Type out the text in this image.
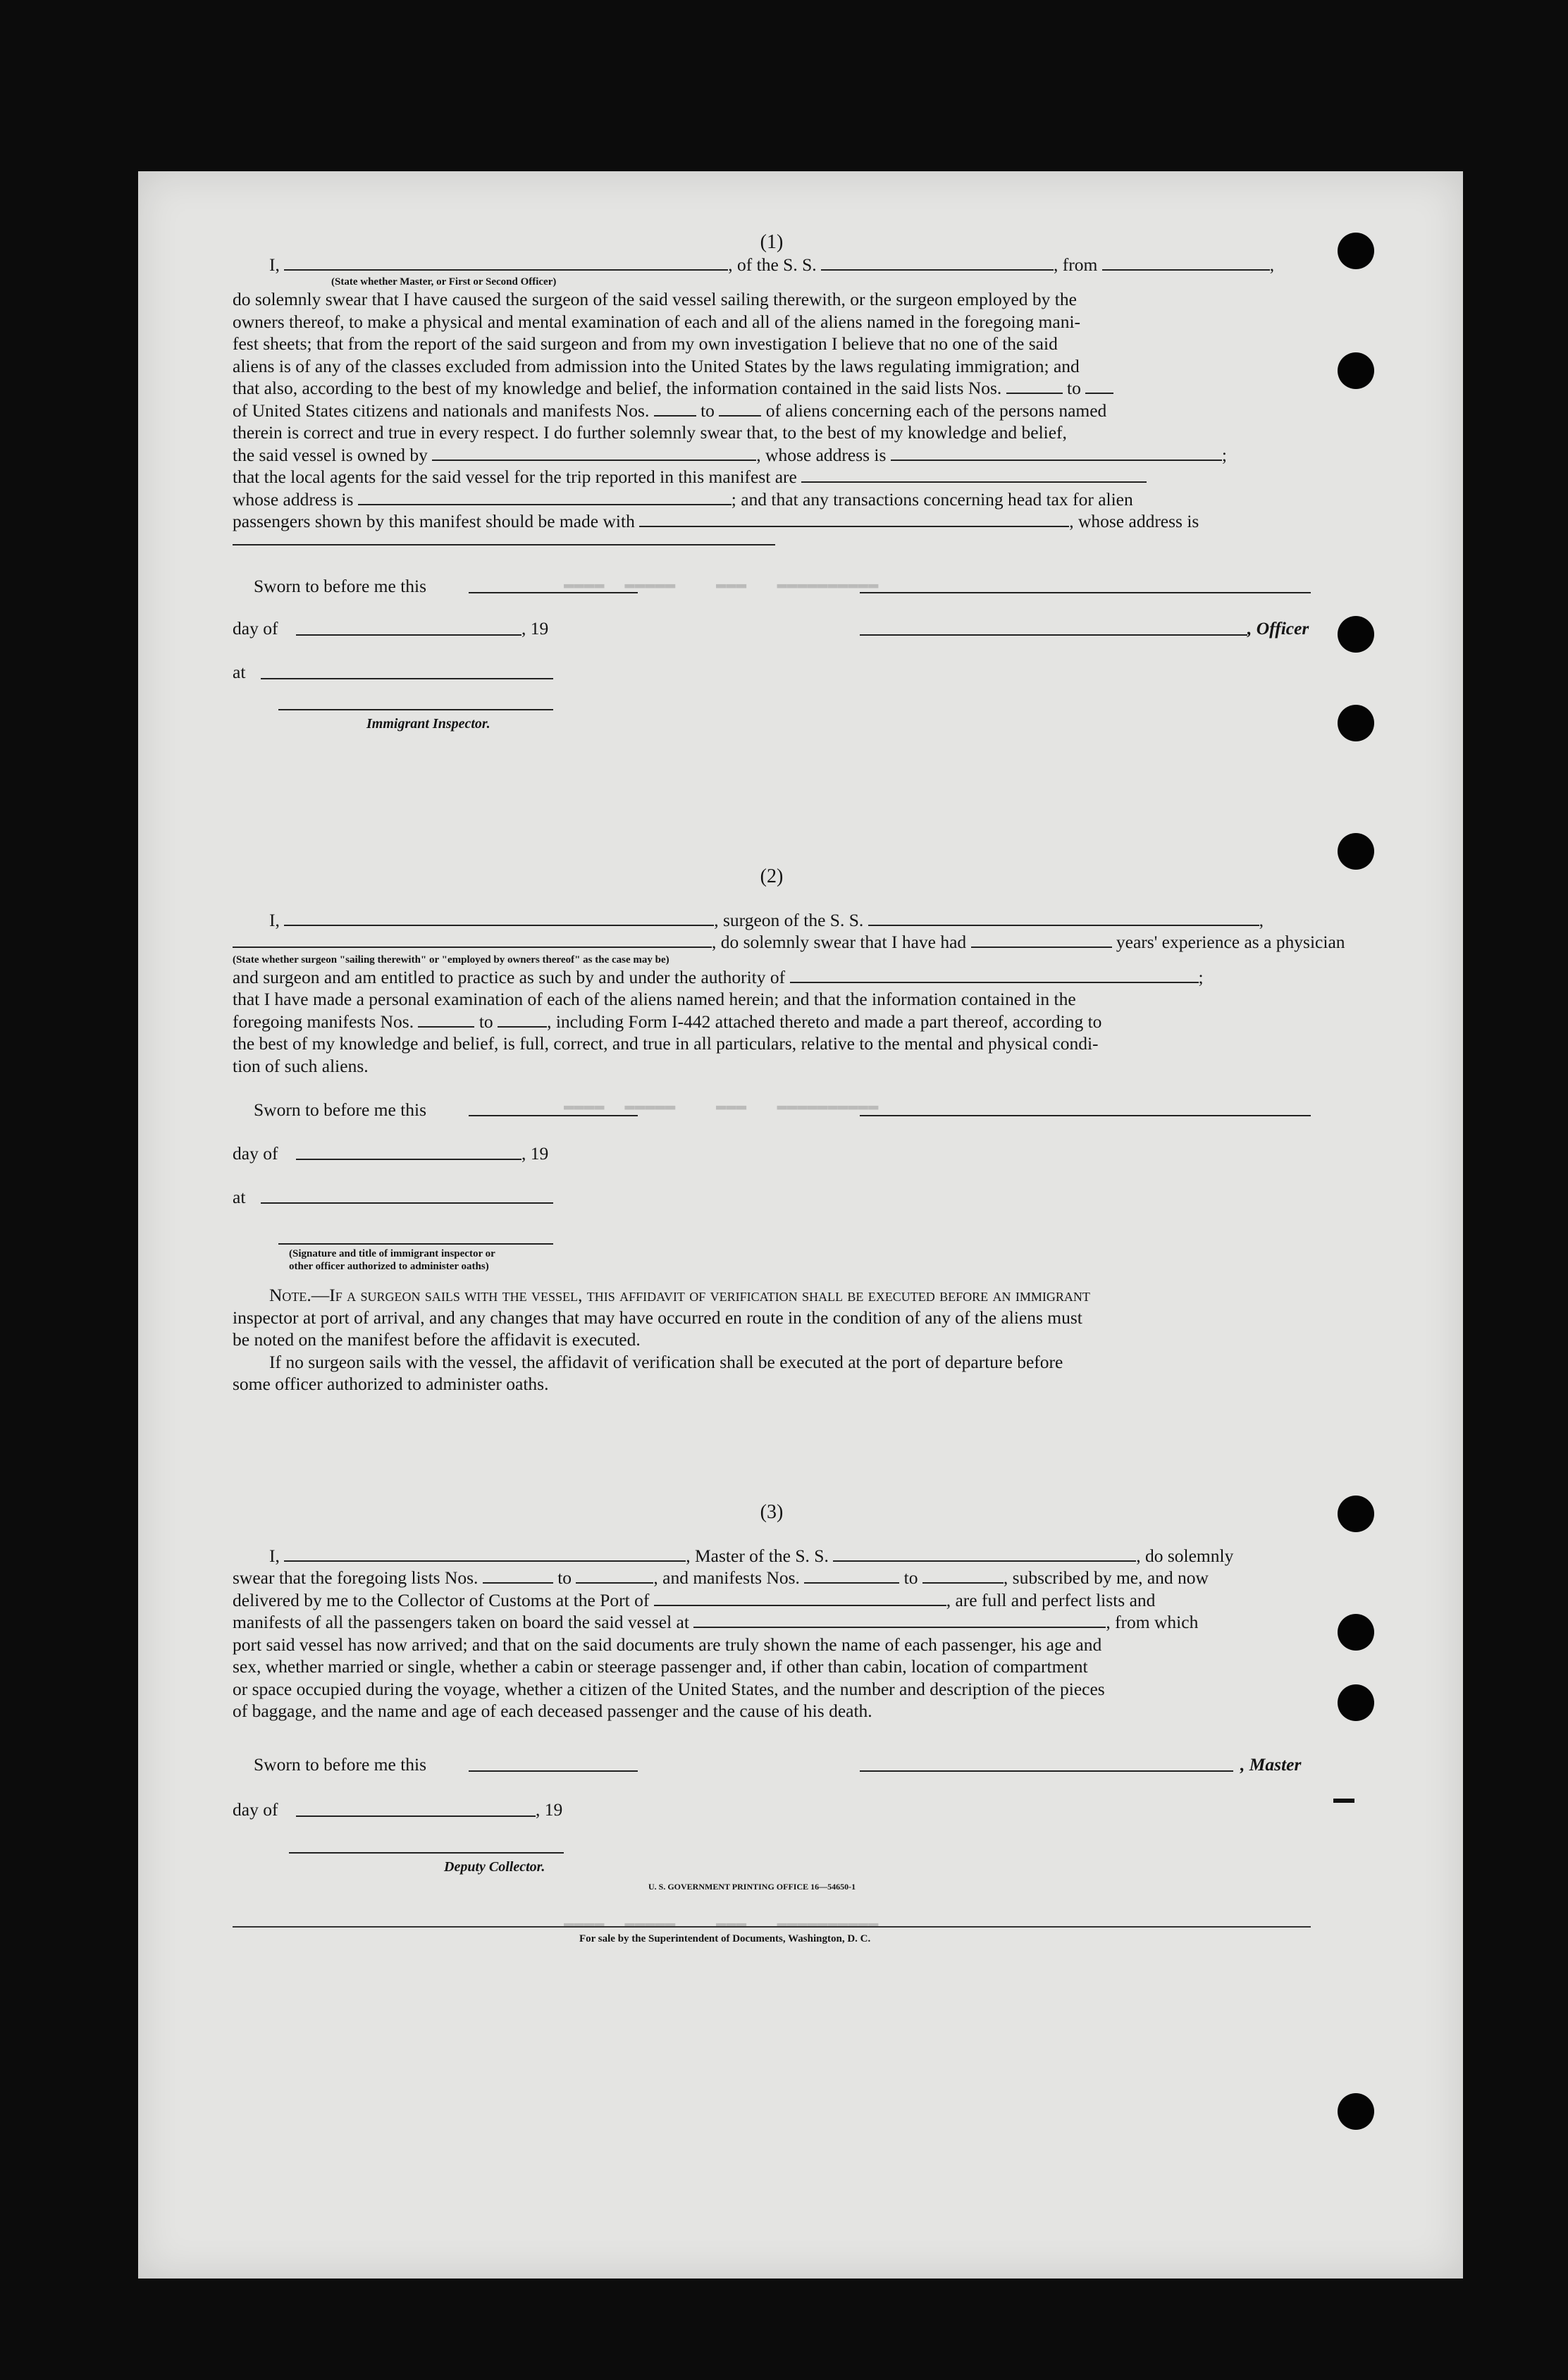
▬▬▬▬  ▬▬▬▬▬    ▬▬▬   ▬▬▬▬▬▬▬▬▬▬
▬▬▬▬  ▬▬▬▬▬    ▬▬▬   ▬▬▬▬▬▬▬▬▬▬
▬▬▬▬  ▬▬▬▬▬    ▬▬▬   ▬▬▬▬▬▬▬▬▬▬

(1)

I,	, of the S. S.	, from	,
(State whether Master, or First or Second Officer)

do solemnly swear that I have caused the surgeon of the said vessel sailing therewith, or the surgeon employed by the

owners thereof, to make a physical and mental examination of each and all of the aliens named in the foregoing mani-

fest sheets; that from the report of the said surgeon and from my own investigation I believe that no one of the said

aliens is of any of the classes excluded from admission into the United States by the laws regulating immigration; and

that also, according to the best of my knowledge and belief, the information contained in the said lists Nos.	to
of United States citizens and nationals and manifests Nos.	to	of aliens concerning each of the persons named

therein is correct and true in every respect. I do further solemnly swear that, to the best of my knowledge and belief,

the said vessel is owned by	, whose address is	;
that the local agents for the said vessel for the trip reported in this manifest are
whose address is	; and that any transactions concerning head tax for alien
passengers shown by this manifest should be made with	, whose address is
Sworn to before me this
day of	, 19	, Officer
at
Immigrant Inspector.

(2)

I,	, surgeon of the S. S.	,
, do solemnly swear that I have had	years' experience as a physician
(State whether surgeon "sailing therewith" or "employed by owners thereof" as the case may be)
and surgeon and am entitled to practice as such by and under the authority of	;

that I have made a personal examination of each of the aliens named herein; and that the information contained in the

foregoing manifests Nos.	to	, including Form I-442 attached thereto and made a part thereof, according to

the best of my knowledge and belief, is full, correct, and true in all particulars, relative to the mental and physical condi-

tion of such aliens.

Sworn to before me this
day of	, 19
at
(Signature and title of immigrant inspector or
other officer authorized to administer oaths)

Note.—If a surgeon sails with the vessel, this affidavit of verification shall be executed before an immigrant

inspector at port of arrival, and any changes that may have occurred en route in the condition of any of the aliens must

be noted on the manifest before the affidavit is executed.

If no surgeon sails with the vessel, the affidavit of verification shall be executed at the port of departure before

some officer authorized to administer oaths.

(3)

I,	, Master of the S. S.	, do solemnly
swear that the foregoing lists Nos.	to	, and manifests Nos.	to	, subscribed by me, and now
delivered by me to the Collector of Customs at the Port of	, are full and perfect lists and
manifests of all the passengers taken on board the said vessel at	, from which

port said vessel has now arrived; and that on the said documents are truly shown the name of each passenger, his age and

sex, whether married or single, whether a cabin or steerage passenger and, if other than cabin, location of compartment

or space occupied during the voyage, whether a citizen of the United States, and the number and description of the pieces

of baggage, and the name and age of each deceased passenger and the cause of his death.

Sworn to before me this	, Master
day of	, 19
Deputy Collector.
U. S. GOVERNMENT PRINTING OFFICE 16—54650-1
For sale by the Superintendent of Documents, Washington, D. C.
